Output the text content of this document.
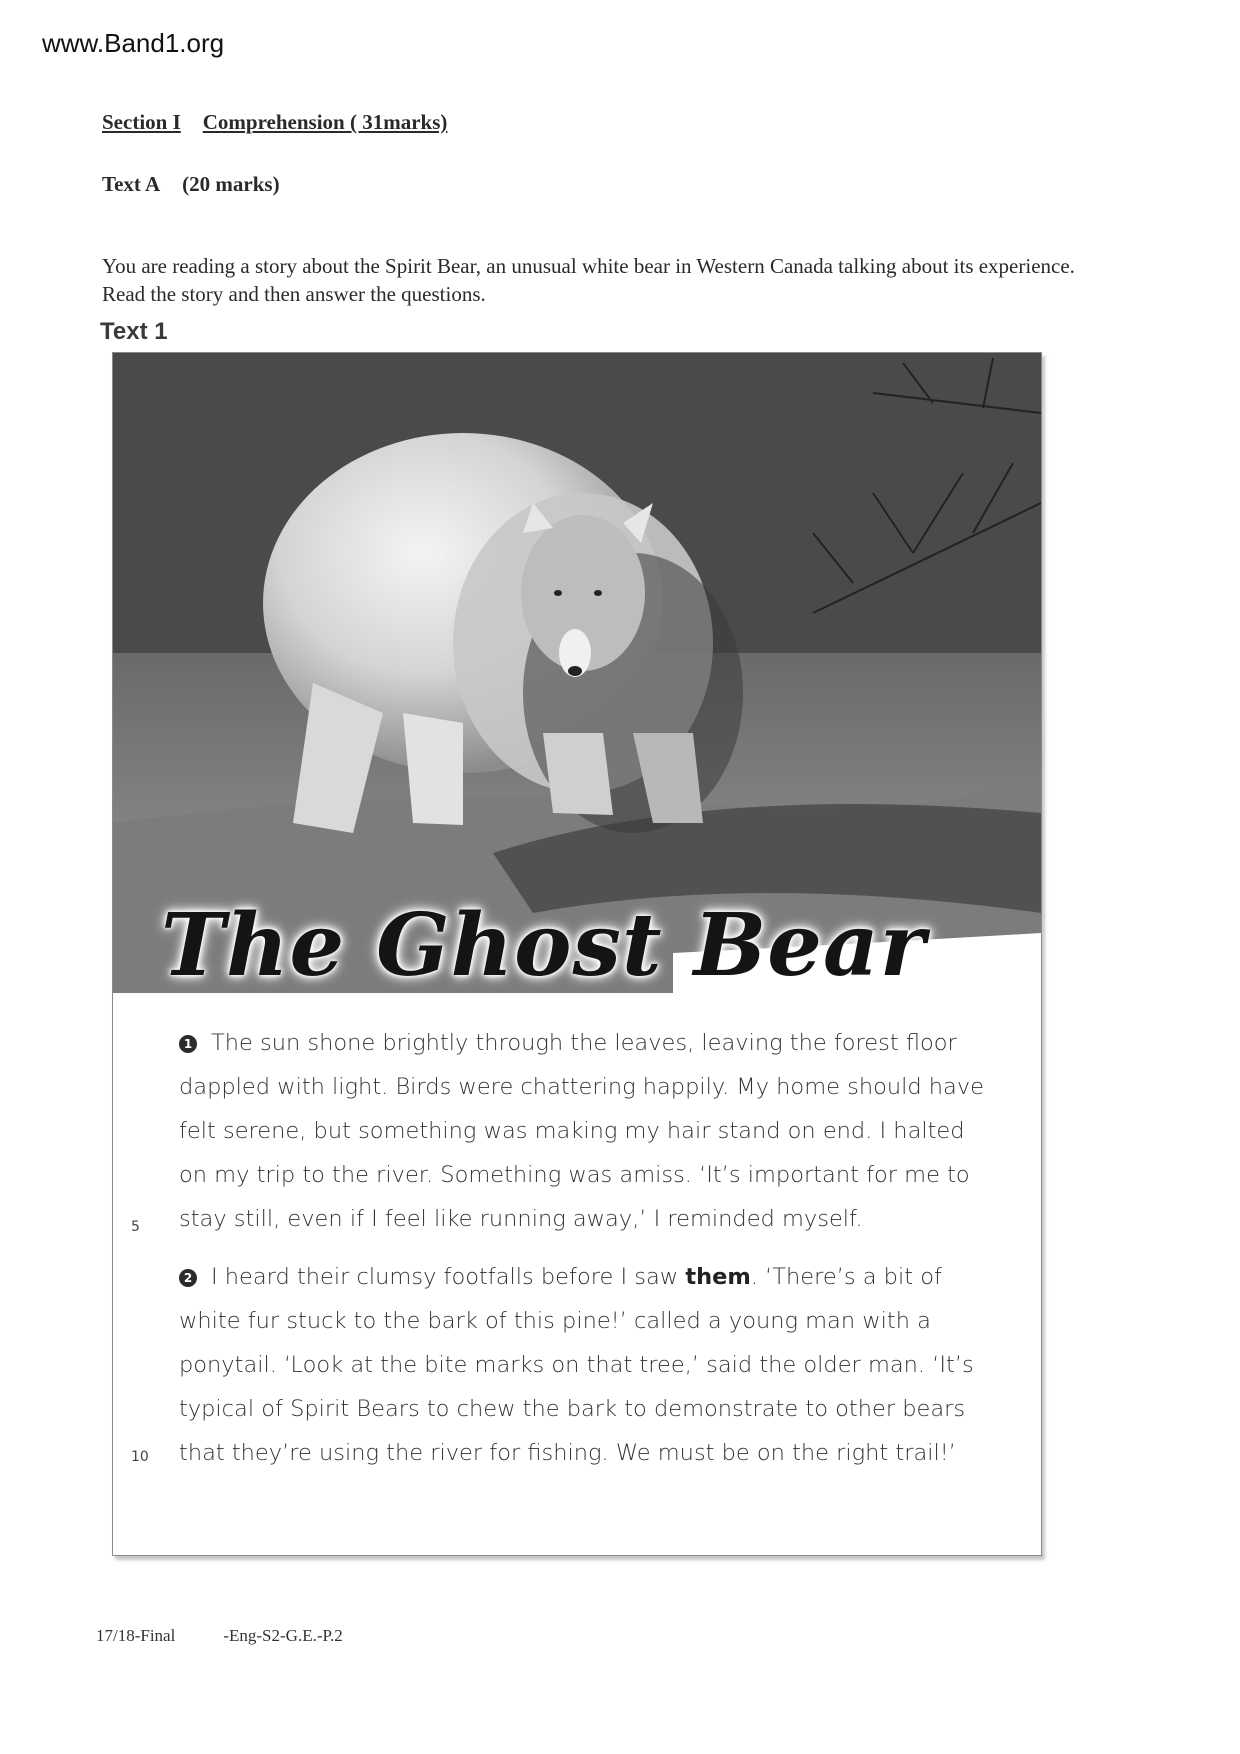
www.Band1.org
Section I Comprehension ( 31marks)
Text A (20 marks)
You are reading a story about the Spirit Bear, an unusual white bear in Western Canada talking about its experience. Read the story and then answer the questions.
Text 1
The Ghost Bear

1 The sun shone brightly through the leaves, leaving the forest floor dappled with light. Birds were chattering happily. My home should have felt serene, but something was making my hair stand on end. I halted on my trip to the river. Something was amiss. ‘It’s important for me to stay still, even if I feel like running away,’ I reminded myself.

2 I heard their clumsy footfalls before I saw them. ‘There’s a bit of white fur stuck to the bark of this pine!’ called a young man with a ponytail. ‘Look at the bite marks on that tree,’ said the older man. ‘It’s typical of Spirit Bears to chew the bark to demonstrate to other bears that they’re using the river for fishing. We must be on the right trail!’

5
10
17/18-Final	-Eng-S2-G.E.-P.2
